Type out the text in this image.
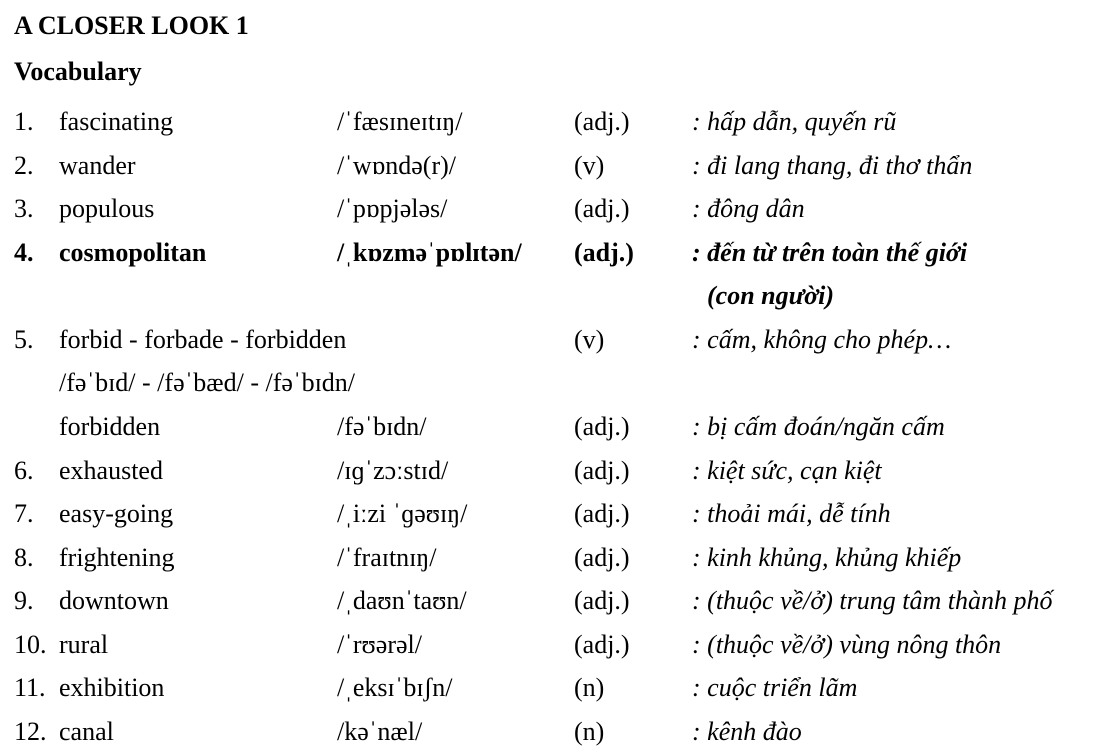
A CLOSER LOOK 1
Vocabulary
1. fascinating	/ˈfæsɪneɪtɪŋ/	(adj.) : hấp dẫn, quyến rũ
2. wander	/ˈwɒndə(r)/	(v)	: đi lang thang, đi thơ thẩn
3. populous	/ˈpɒpjələs/	(adj.) : đông dân
4. cosmopolitan	/ˌkɒzməˈpɒlɪtən/ (adj.) : đến từ trên toàn thế giới
(con người)
5. forbid - forbade - forbidden	(v)	: cấm, không cho phép…
/fəˈbɪd/ - /fəˈbæd/ - /fəˈbɪdn/
forbidden	/fəˈbɪdn/	(adj.) : bị cấm đoán/ngăn cấm
6. exhausted	/ɪɡˈzɔːstɪd/	(adj.) : kiệt sức, cạn kiệt
7. easy-going	/ˌiːzi ˈɡəʊɪŋ/	(adj.) : thoải mái, dễ tính
8. frightening	/ˈfraɪtnɪŋ/	(adj.) : kinh khủng, khủng khiếp
9. downtown	/ˌdaʊnˈtaʊn/	(adj.) : (thuộc về/ở) trung tâm thành phố
10. rural	/ˈrʊərəl/	(adj.) : (thuộc về/ở) vùng nông thôn
11. exhibition	/ˌeksɪˈbɪʃn/	(n)	: cuộc triển lãm
12. canal	/kəˈnæl/	(n)	: kênh đào
